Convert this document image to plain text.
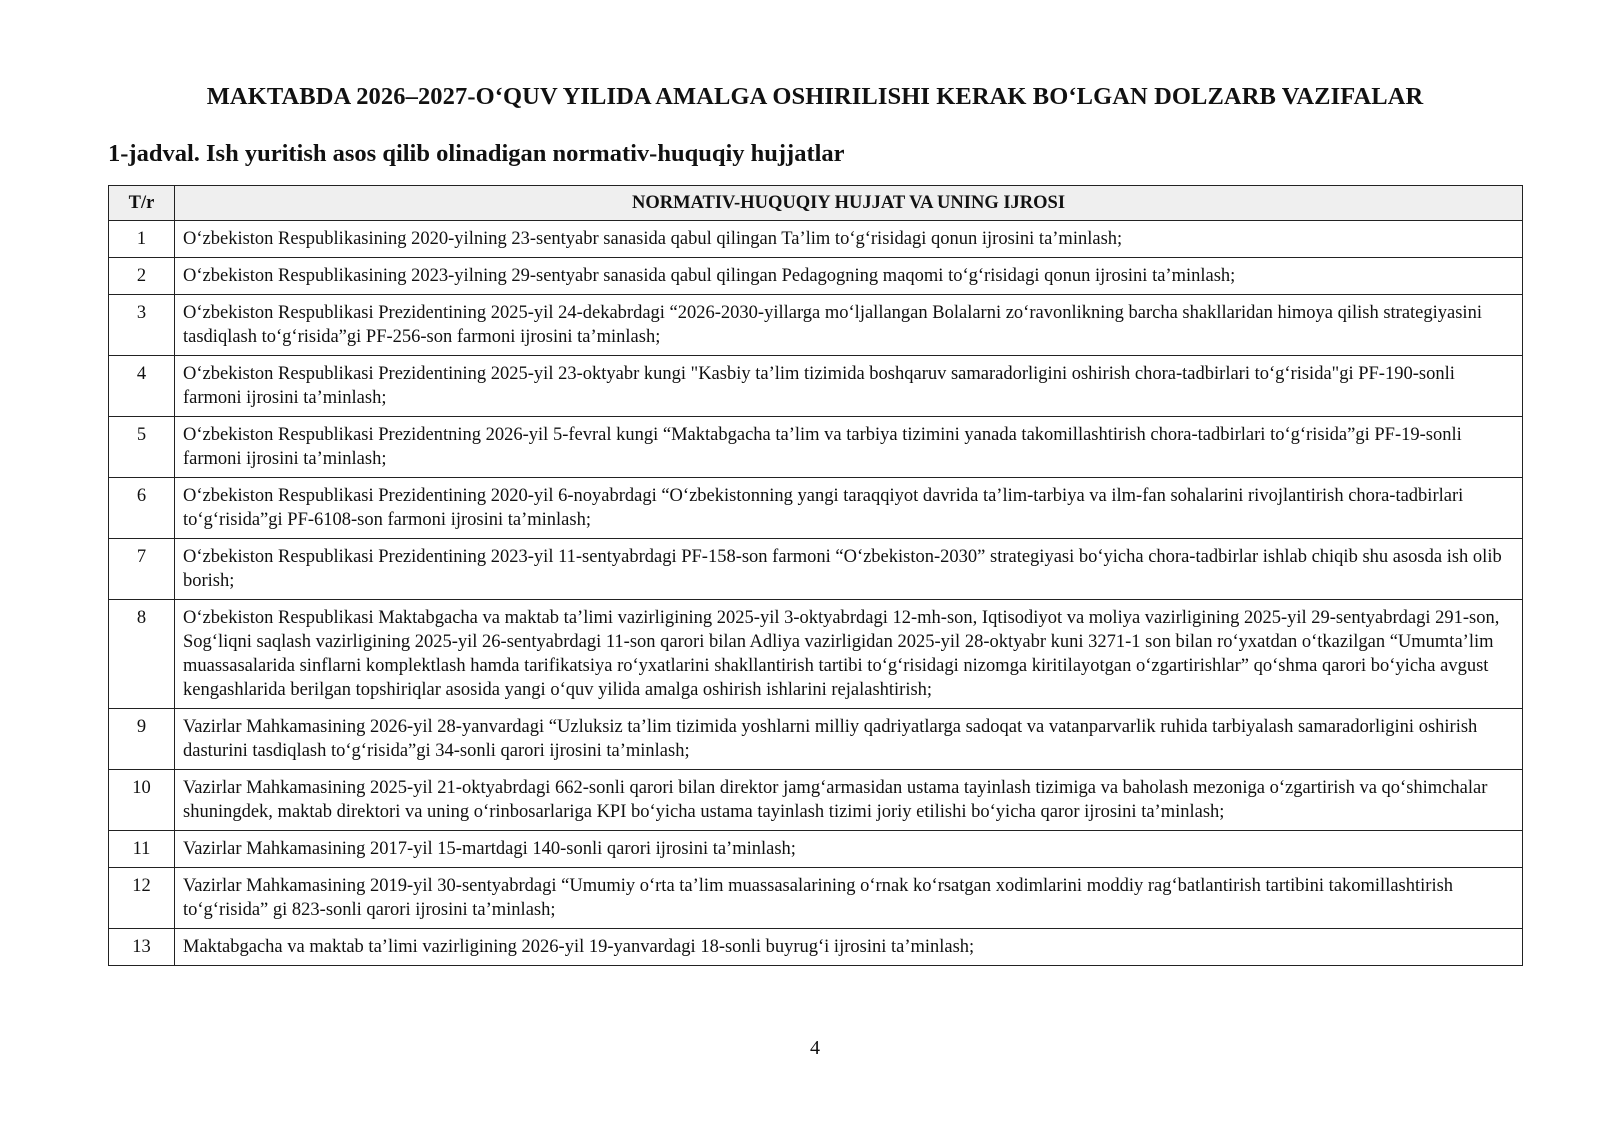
MAKTABDA 2026–2027-O‘QUV YILIDA AMALGA OSHIRILISHI KERAK BO‘LGAN DOLZARB VAZIFALAR
1-jadval. Ish yuritish asos qilib olinadigan normativ-huquqiy hujjatlar
T/r	NORMATIV-HUQUQIY HUJJAT VA UNING IJROSI
1	O‘zbekiston Respublikasining 2020-yilning 23-sentyabr sanasida qabul qilingan Ta’lim to‘g‘risidagi qonun ijrosini ta’minlash;
2	O‘zbekiston Respublikasining 2023-yilning 29-sentyabr sanasida qabul qilingan Pedagogning maqomi to‘g‘risidagi qonun ijrosini ta’minlash;
3	O‘zbekiston Respublikasi Prezidentining 2025-yil 24-dekabrdagi “2026-2030-yillarga mo‘ljallangan Bolalarni zo‘ravonlikning barcha shakllaridan himoya qilish strategiyasini tasdiqlash to‘g‘risida”gi PF-256-son farmoni ijrosini ta’minlash;
4	O‘zbekiston Respublikasi Prezidentining 2025-yil 23-oktyabr kungi "Kasbiy ta’lim tizimida boshqaruv samaradorligini oshirish chora-tadbirlari to‘g‘risida"gi PF-190-sonli farmoni ijrosini ta’minlash;
5	O‘zbekiston Respublikasi Prezidentning 2026-yil 5-fevral kungi “Maktabgacha ta’lim va tarbiya tizimini yanada takomillashtirish chora-tadbirlari to‘g‘risida”gi PF-19-sonli farmoni ijrosini ta’minlash;
6	O‘zbekiston Respublikasi Prezidentining 2020-yil 6-noyabrdagi “O‘zbekistonning yangi taraqqiyot davrida ta’lim-tarbiya va ilm-fan sohalarini rivojlantirish chora-tadbirlari to‘g‘risida”gi PF-6108-son farmoni ijrosini ta’minlash;
7	O‘zbekiston Respublikasi Prezidentining 2023-yil 11-sentyabrdagi PF-158-son farmoni “O‘zbekiston-2030” strategiyasi bo‘yicha chora-tadbirlar ishlab chiqib shu asosda ish olib borish;
8	O‘zbekiston Respublikasi Maktabgacha va maktab ta’limi vazirligining 2025-yil 3-oktyabrdagi 12-mh-son, Iqtisodiyot va moliya vazirligining 2025-yil 29-sentyabrdagi 291-son, Sog‘liqni saqlash vazirligining 2025-yil 26-sentyabrdagi 11-son qarori bilan Adliya vazirligidan 2025-yil 28-oktyabr kuni 3271-1 son bilan ro‘yxatdan o‘tkazilgan “Umumta’lim muassasalarida sinflarni komplektlash hamda tarifikatsiya ro‘yxatlarini shakllantirish tartibi to‘g‘risidagi nizomga kiritilayotgan o‘zgartirishlar” qo‘shma qarori bo‘yicha avgust kengashlarida berilgan topshiriqlar asosida yangi o‘quv yilida amalga oshirish ishlarini rejalashtirish;
9	Vazirlar Mahkamasining 2026-yil 28-yanvardagi “Uzluksiz ta’lim tizimida yoshlarni milliy qadriyatlarga sadoqat va vatanparvarlik ruhida tarbiyalash samaradorligini oshirish dasturini tasdiqlash to‘g‘risida”gi 34-sonli qarori ijrosini ta’minlash;
10	Vazirlar Mahkamasining 2025-yil 21-oktyabrdagi 662-sonli qarori bilan direktor jamg‘armasidan ustama tayinlash tizimiga va baholash mezoniga o‘zgartirish va qo‘shimchalar shuningdek, maktab direktori va uning o‘rinbosarlariga KPI bo‘yicha ustama tayinlash tizimi joriy etilishi bo‘yicha qaror ijrosini ta’minlash;
11	Vazirlar Mahkamasining 2017-yil 15-martdagi 140-sonli qarori ijrosini ta’minlash;
12	Vazirlar Mahkamasining 2019-yil 30-sentyabrdagi “Umumiy o‘rta ta’lim muassasalarining o‘rnak ko‘rsatgan xodimlarini moddiy rag‘batlantirish tartibini takomillashtirish to‘g‘risida” gi 823-sonli qarori ijrosini ta’minlash;
13	Maktabgacha va maktab ta’limi vazirligining 2026-yil 19-yanvardagi 18-sonli buyrug‘i ijrosini ta’minlash;
4
